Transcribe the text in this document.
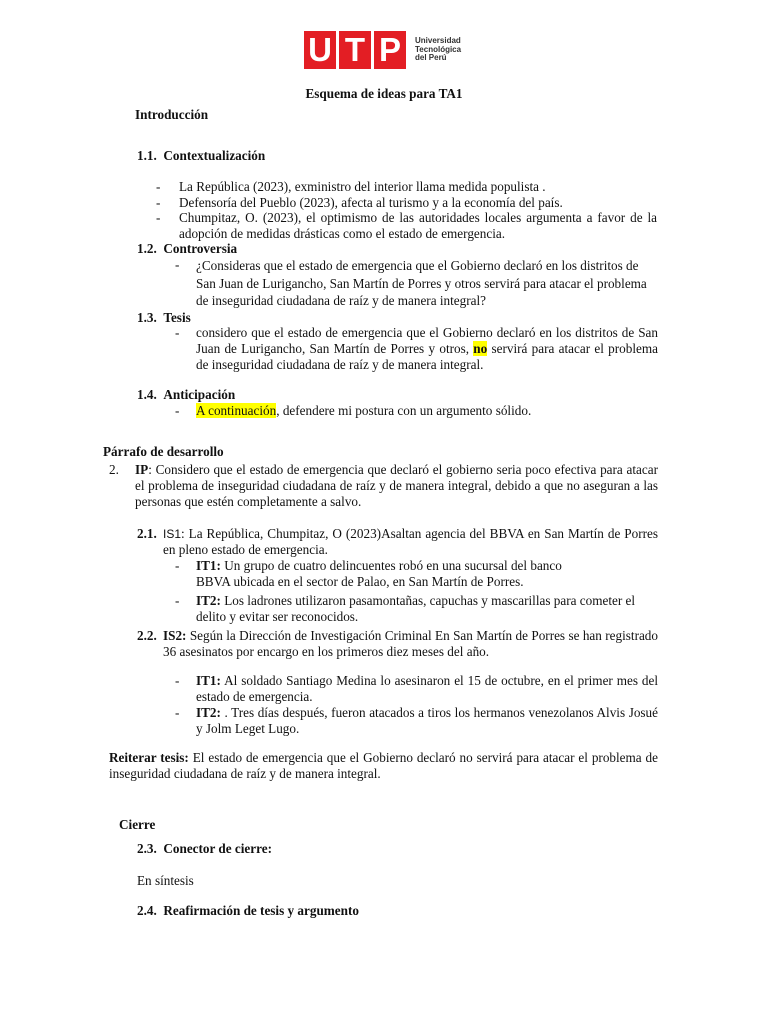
U T P	Universidad
Tecnológica
del Perú
Esquema de ideas para TA1
Introducción
1.1. Contextualización
- La República (2023), exministro del interior llama medida populista .
- Defensoría del Pueblo (2023), afecta al turismo y a la economía del país.
- Chumpitaz, O. (2023), el optimismo de las autoridades locales argumenta a favor de la adopción de medidas drásticas como el estado de emergencia.
1.2. Controversia
- ¿Consideras que el estado de emergencia que el Gobierno declaró en los distritos de San Juan de Lurigancho, San Martín de Porres y otros servirá para atacar el problema de inseguridad ciudadana de raíz y de manera integral?
1.3. Tesis
- considero que el estado de emergencia que el Gobierno declaró en los distritos de San Juan de Lurigancho, San Martín de Porres y otros, no servirá para atacar el problema de inseguridad ciudadana de raíz y de manera integral.
1.4. Anticipación
- A continuación, defendere mi postura con un argumento sólido.
Párrafo de desarrollo
2. IP: Considero que el estado de emergencia que declaró el gobierno seria poco efectiva para atacar el problema de inseguridad ciudadana de raíz y de manera integral, debido a que no aseguran a las personas que estén completamente a salvo.
2.1. IS1: La República, Chumpitaz, O (2023)Asaltan agencia del BBVA en San Martín de Porres en pleno estado de emergencia.
- IT1: Un grupo de cuatro delincuentes robó en una sucursal del banco BBVA ubicada en el sector de Palao, en San Martín de Porres.
- IT2: Los ladrones utilizaron pasamontañas, capuchas y mascarillas para cometer el delito y evitar ser reconocidos.
2.2. IS2: Según la Dirección de Investigación Criminal En San Martín de Porres se han registrado 36 asesinatos por encargo en los primeros diez meses del año.
- IT1: Al soldado Santiago Medina lo asesinaron el 15 de octubre, en el primer mes del estado de emergencia.
- IT2: . Tres días después, fueron atacados a tiros los hermanos venezolanos Alvis Josué y Jolm Leget Lugo.
Reiterar tesis: El estado de emergencia que el Gobierno declaró no servirá para atacar el problema de inseguridad ciudadana de raíz y de manera integral.
Cierre
2.3. Conector de cierre:
En síntesis
2.4. Reafirmación de tesis y argumento
